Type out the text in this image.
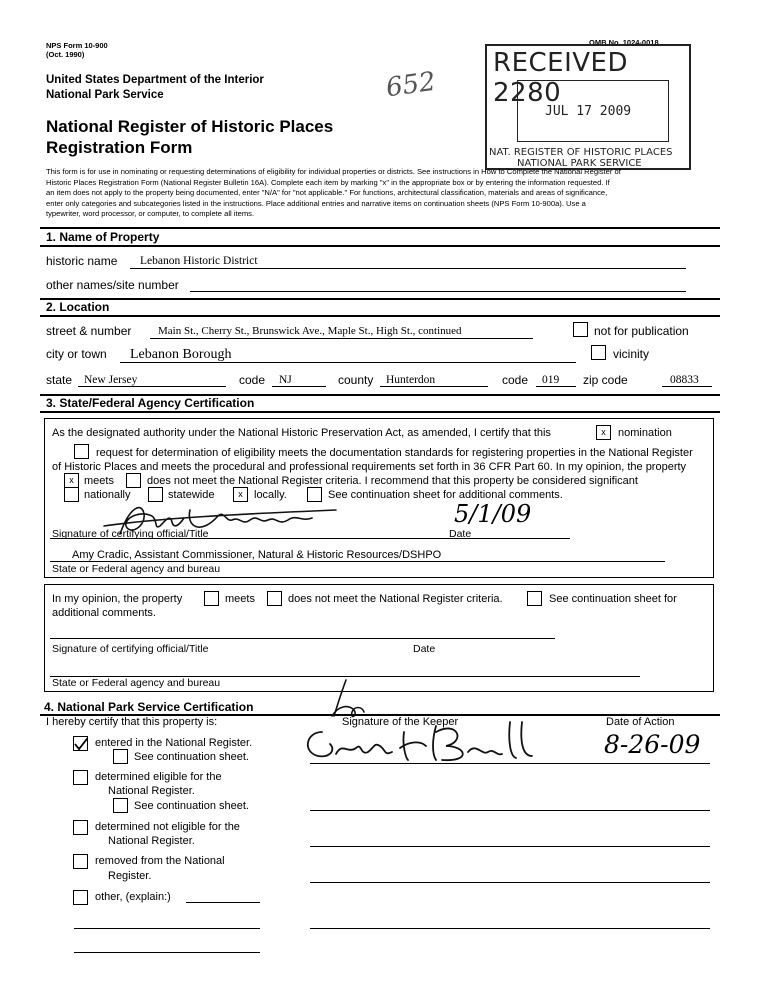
NPS Form 10-900
(Oct. 1990)
OMB No. 1024-0018
United States Department of the Interior
National Park Service	652
National Register of Historic Places
Registration Form
RECEIVED 2280
JUL 17 2009
NAT. REGISTER OF HISTORIC PLACES
NATIONAL PARK SERVICE
This form is for use in nominating or requesting determinations of eligibility for individual properties or districts. See instructions in How to Complete the National Register of
Historic Places Registration Form (National Register Bulletin 16A). Complete each item by marking "x" in the appropriate box or by entering the information requested. If
an item does not apply to the property being documented, enter "N/A" for "not applicable." For functions, architectural classification, materials and areas of significance,
enter only categories and subcategories listed in the instructions. Place additional entries and narrative items on continuation sheets (NPS Form 10-900a). Use a
typewriter, word processor, or computer, to complete all items.
1. Name of Property
historic name Lebanon Historic District
other names/site number
2. Location
street & number Main St., Cherry St., Brunswick Ave., Maple St., High St., continued	not for publication
city or town Lebanon Borough	vicinity
state New Jersey	code NJ	county Hunterdon	code 019 zip code	08833
3. State/Federal Agency Certification
As the designated authority under the National Historic Preservation Act, as amended, I certify that this	x	nomination
request for determination of eligibility meets the documentation standards for registering properties in the National Register
of Historic Places and meets the procedural and professional requirements set forth in 36 CFR Part 60. In my opinion, the property
x meets	does not meet the National Register criteria. I recommend that this property be considered significant
nationally	statewide	x	locally.	See continuation sheet for additional comments.
5/1/09
Signature of certifying official/Title	Date
Amy Cradic, Assistant Commissioner, Natural & Historic Resources/DSHPO
State or Federal agency and bureau
In my opinion, the property	meets	does not meet the National Register criteria.	See continuation sheet for
additional comments.
Signature of certifying official/Title	Date
State or Federal agency and bureau
4. National Park Service Certification
I hereby certify that this property is:	Signature of the Keeper	Date of Action
8-26-09
entered in the National Register.
See continuation sheet.
determined eligible for the
National Register.
See continuation sheet.
determined not eligible for the
National Register.
removed from the National
Register.
other, (explain:)
